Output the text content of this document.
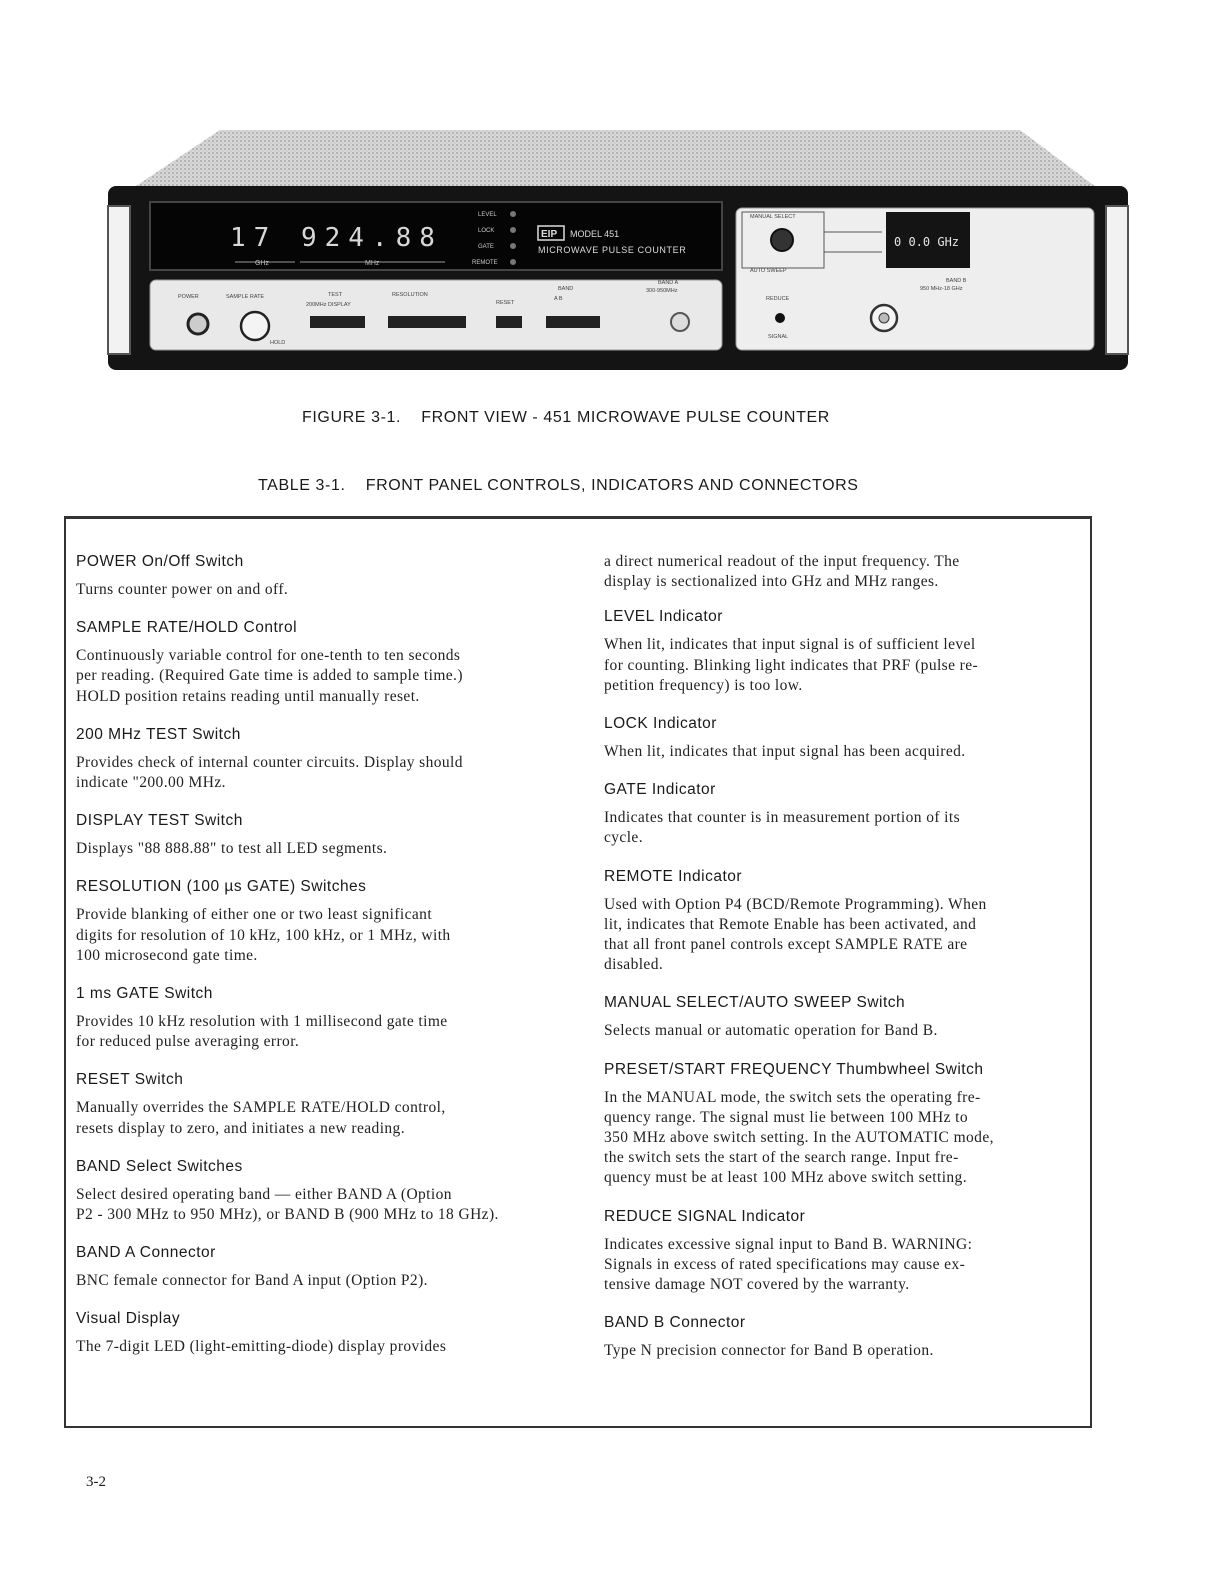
17 924.88
GHz	MHz
LEVEL
LOCK
GATE
REMOTE
EIP MODEL 451
MICROWAVE PULSE COUNTER
POWER	SAMPLE RATE	TEST
200MHz DISPLAY
RESOLUTION
RESET
BAND
A B
BAND A
300-950MHz
HOLD
MANUAL SELECT
AUTO SWEEP
0 0.0 GHz
BAND B
950 MHz-18 GHz
REDUCE
SIGNAL
FIGURE 3-1.    FRONT VIEW - 451 MICROWAVE PULSE COUNTER
TABLE 3-1.    FRONT PANEL CONTROLS, INDICATORS AND CONNECTORS

POWER On/Off Switch

Turns counter power on and off.

SAMPLE RATE/HOLD Control

Continuously variable control for one-tenth to ten seconds
per reading. (Required Gate time is added to sample time.)
HOLD position retains reading until manually reset.

200 MHz TEST Switch

Provides check of internal counter circuits. Display should
indicate "200.00 MHz.

DISPLAY TEST Switch

Displays "88 888.88" to test all LED segments.

RESOLUTION (100 µs GATE) Switches

Provide blanking of either one or two least significant
digits for resolution of 10 kHz, 100 kHz, or 1 MHz, with
100 microsecond gate time.

1 ms GATE Switch

Provides 10 kHz resolution with 1 millisecond gate time
for reduced pulse averaging error.

RESET Switch

Manually overrides the SAMPLE RATE/HOLD control,
resets display to zero, and initiates a new reading.

BAND Select Switches

Select desired operating band — either BAND A (Option
P2 - 300 MHz to 950 MHz), or BAND B (900 MHz to 18 GHz).

BAND A Connector

BNC female connector for Band A input (Option P2).

Visual Display

The 7-digit LED (light-emitting-diode) display provides

a direct numerical readout of the input frequency. The
display is sectionalized into GHz and MHz ranges.

LEVEL Indicator

When lit, indicates that input signal is of sufficient level
for counting. Blinking light indicates that PRF (pulse re-
petition frequency) is too low.

LOCK Indicator

When lit, indicates that input signal has been acquired.

GATE Indicator

Indicates that counter is in measurement portion of its
cycle.

REMOTE Indicator

Used with Option P4 (BCD/Remote Programming). When
lit, indicates that Remote Enable has been activated, and
that all front panel controls except SAMPLE RATE are
disabled.

MANUAL SELECT/AUTO SWEEP Switch

Selects manual or automatic operation for Band B.

PRESET/START FREQUENCY Thumbwheel Switch

In the MANUAL mode, the switch sets the operating fre-
quency range. The signal must lie between 100 MHz to
350 MHz above switch setting. In the AUTOMATIC mode,
the switch sets the start of the search range. Input fre-
quency must be at least 100 MHz above switch setting.

REDUCE SIGNAL Indicator

Indicates excessive signal input to Band B. WARNING:
Signals in excess of rated specifications may cause ex-
tensive damage NOT covered by the warranty.

BAND B Connector

Type N precision connector for Band B operation.

3-2
